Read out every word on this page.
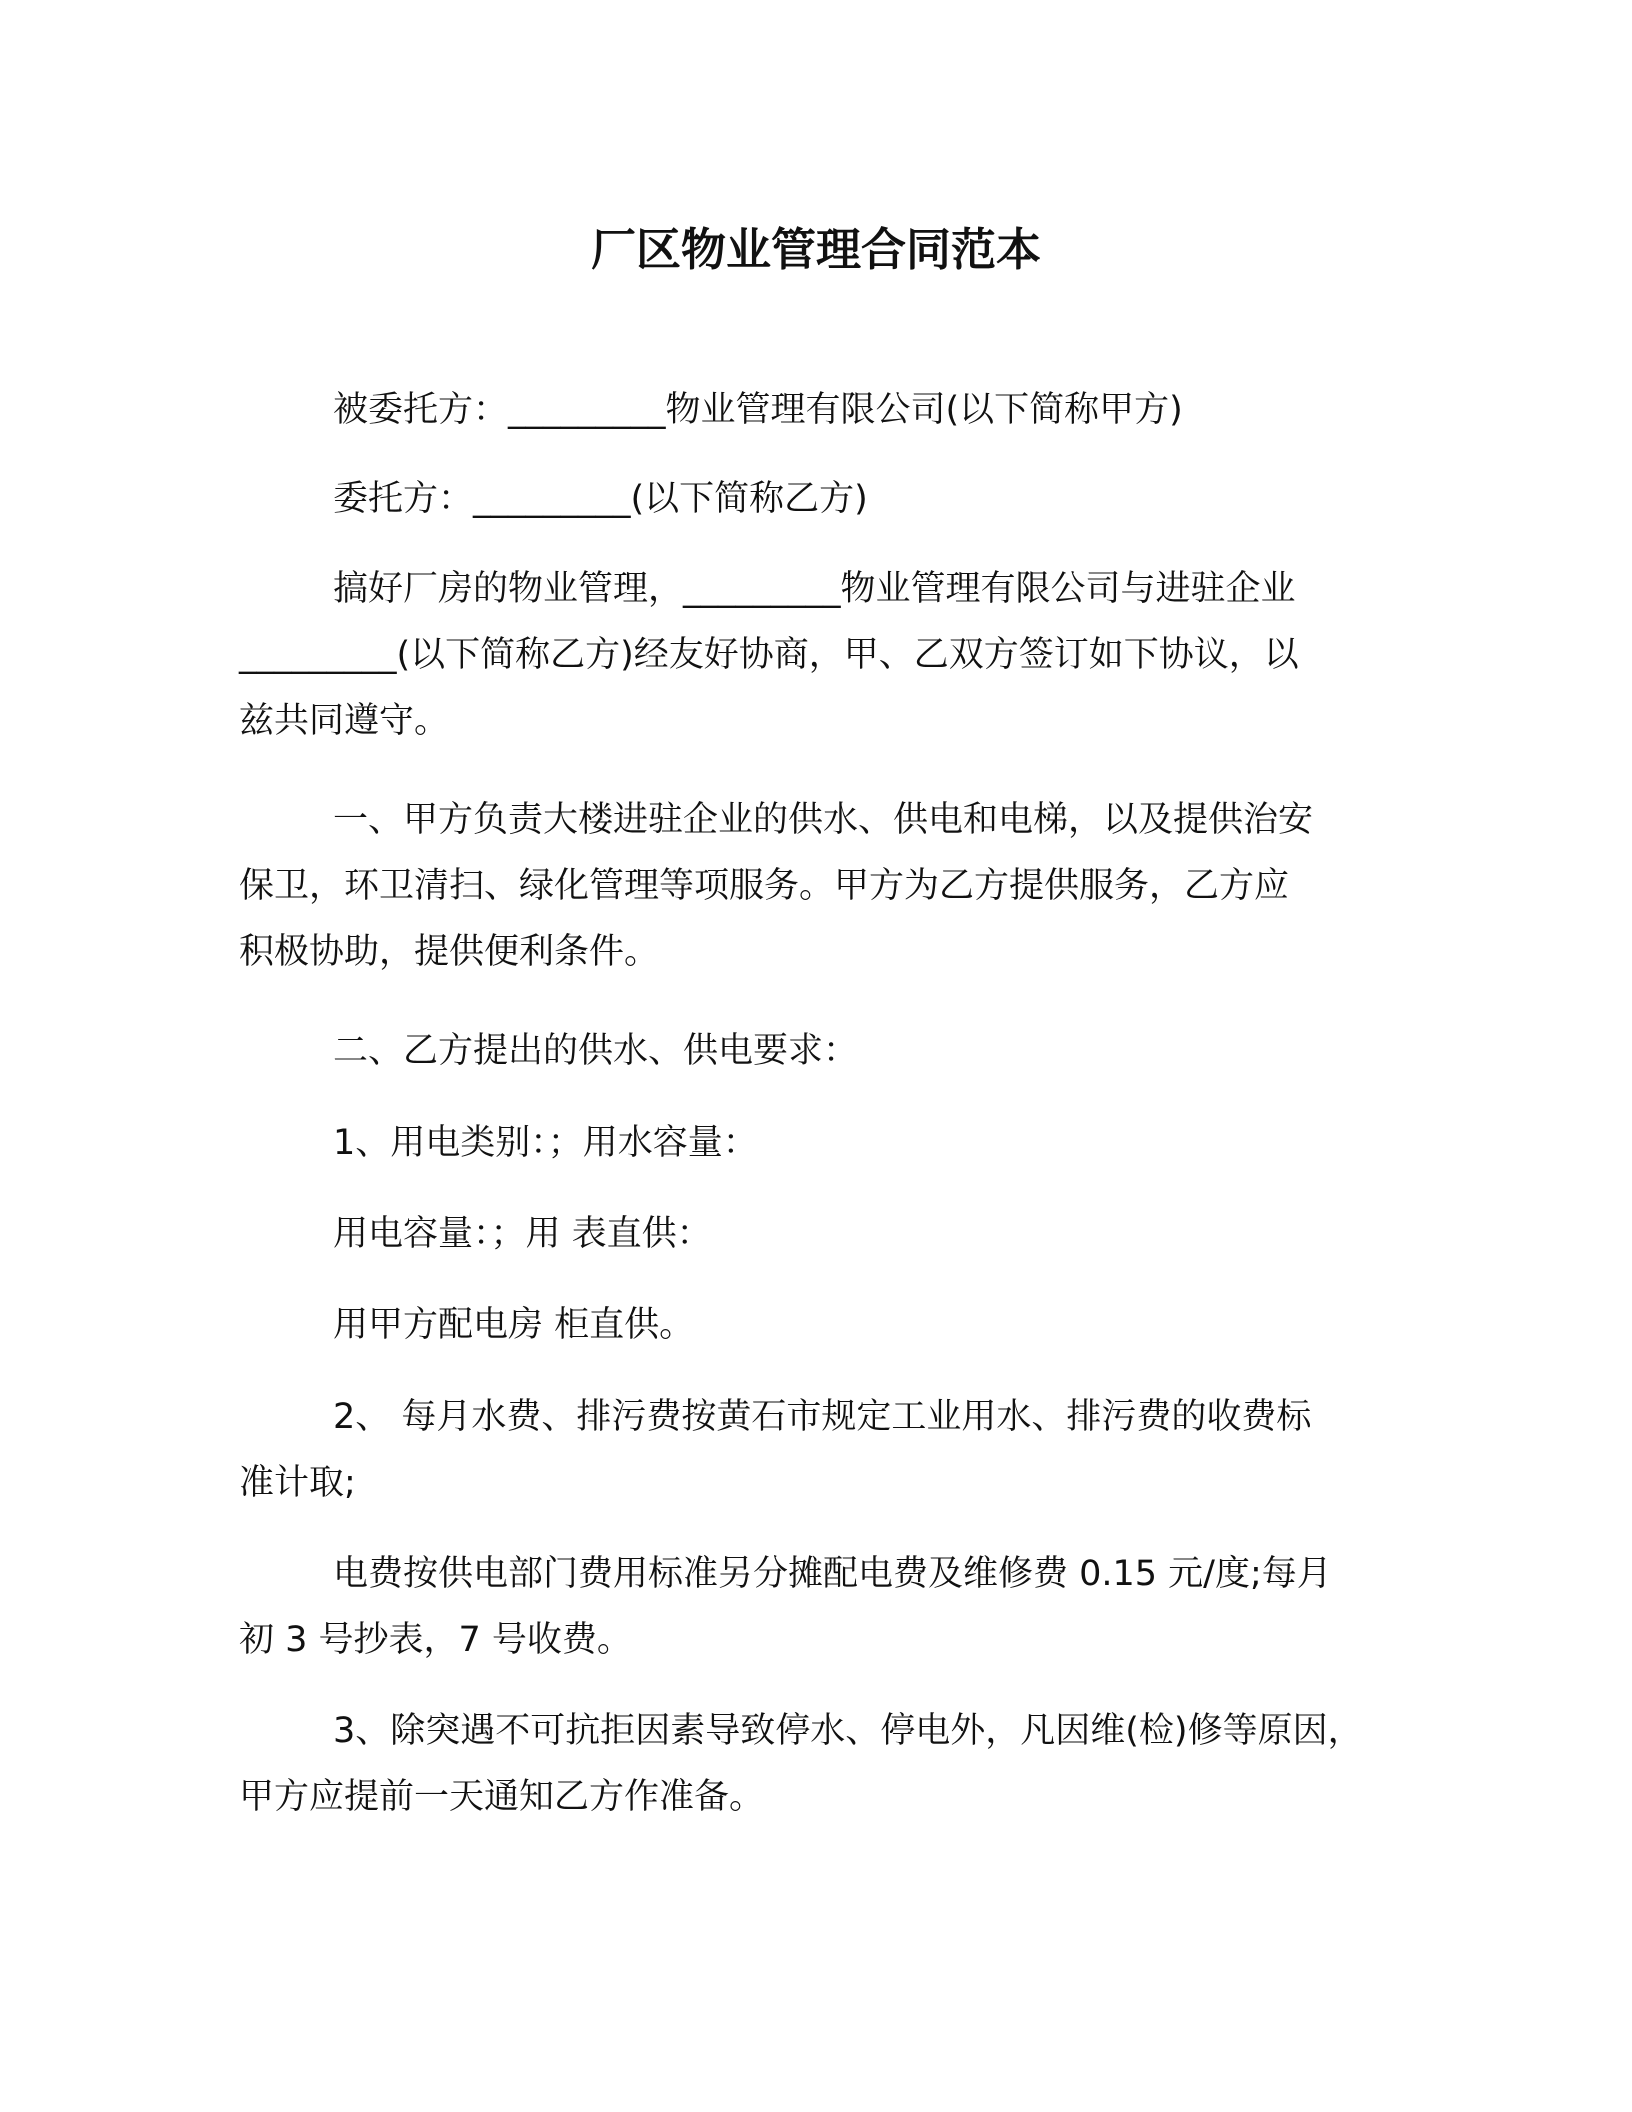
厂区物业管理合同范本
被委托方：_________物业管理有限公司(以下简称甲方)
委托方：_________(以下简称乙方)
搞好厂房的物业管理，_________物业管理有限公司与进驻企业
_________(以下简称乙方)经友好协商，甲、乙双方签订如下协议，以
兹共同遵守。
一、甲方负责大楼进驻企业的供水、供电和电梯，以及提供治安
保卫，环卫清扫、绿化管理等项服务。甲方为乙方提供服务，乙方应
积极协助，提供便利条件。
二、乙方提出的供水、供电要求：
1、用电类别：；用水容量：
用电容量：；用 表直供：
用甲方配电房 柜直供。
2、 每月水费、排污费按黄石市规定工业用水、排污费的收费标
准计取;
电费按供电部门费用标准另分摊配电费及维修费 0.15 元/度;每月
初 3 号抄表，7 号收费。
3、除突遇不可抗拒因素导致停水、停电外，凡因维(检)修等原因，
甲方应提前一天通知乙方作准备。
